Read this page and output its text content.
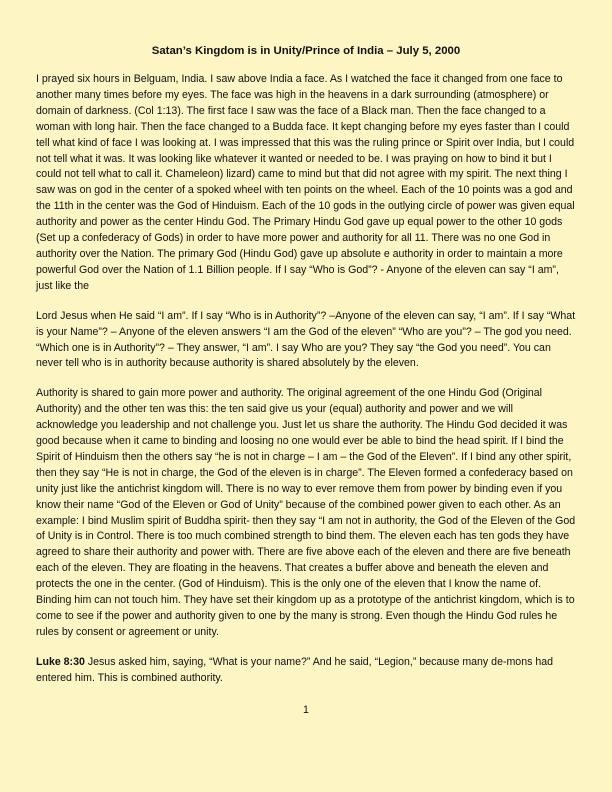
Satan’s Kingdom is in Unity/Prince of India – July 5, 2000

I prayed six hours in Belguam, India. I saw above India a face. As I watched the face it changed from one face to another many times before my eyes. The face was high in the heavens in a dark surrounding (atmosphere) or domain of darkness. (Col 1:13). The first face I saw was the face of a Black man. Then the face changed to a woman with long hair. Then the face changed to a Budda face. It kept changing before my eyes faster than I could tell what kind of face I was looking at. I was impressed that this was the ruling prince or Spirit over India, but I could not tell what it was. It was looking like whatever it wanted or needed to be. I was praying on how to bind it but I could not tell what to call it. Chameleon) lizard) came to mind but that did not agree with my spirit. The next thing I saw was on god in the center of a spoked wheel with ten points on the wheel. Each of the 10 points was a god and the 11th in the center was the God of Hinduism. Each of the 10 gods in the outlying circle of power was given equal authority and power as the center Hindu God. The Primary Hindu God gave up equal power to the other 10 gods (Set up a confederacy of Gods) in order to have more power and authority for all 11. There was no one God in authority over the Nation. The primary God (Hindu God) gave up absolute e authority in order to maintain a more powerful God over the Nation of 1.1 Billion people. If I say “Who is God”? - Anyone of the eleven can say “I am”, just like the

Lord Jesus when He said “I am”. If I say “Who is in Authority”? –Anyone of the eleven can say, “I am”. If I say “What is your Name”? – Anyone of the eleven answers “I am the God of the eleven” “Who are you”? – The god you need. “Which one is in Authority”? – They answer, “I am”. I say Who are you? They say “the God you need”. You can never tell who is in authority because authority is shared absolutely by the eleven.

Authority is shared to gain more power and authority. The original agreement of the one Hindu God (Original Authority) and the other ten was this: the ten said give us your (equal) authority and power and we will acknowledge you leadership and not challenge you. Just let us share the authority. The Hindu God decided it was good because when it came to binding and loosing no one would ever be able to bind the head spirit. If I bind the Spirit of Hinduism then the others say “he is not in charge – I am – the God of the Eleven”. If I bind any other spirit, then they say “He is not in charge, the God of the eleven is in charge”. The Eleven formed a confederacy based on unity just like the antichrist kingdom will. There is no way to ever remove them from power by binding even if you know their name “God of the Eleven or God of Unity” because of the combined power given to each other. As an example: I bind Muslim spirit of Buddha spirit- then they say “I am not in authority, the God of the Eleven of the God of Unity is in Control. There is too much combined strength to bind them. The eleven each has ten gods they have agreed to share their authority and power with. There are five above each of the eleven and there are five beneath each of the eleven. They are floating in the heavens. That creates a buffer above and beneath the eleven and protects the one in the center. (God of Hinduism). This is the only one of the eleven that I know the name of. Binding him can not touch him. They have set their kingdom up as a prototype of the antichrist kingdom, which is to come to see if the power and authority given to one by the many is strong. Even though the Hindu God rules he rules by consent or agreement or unity.

Luke 8:30 Jesus asked him, saying, “What is your name?” And he said, “Legion,” because many de-mons had entered him. This is combined authority.

1
